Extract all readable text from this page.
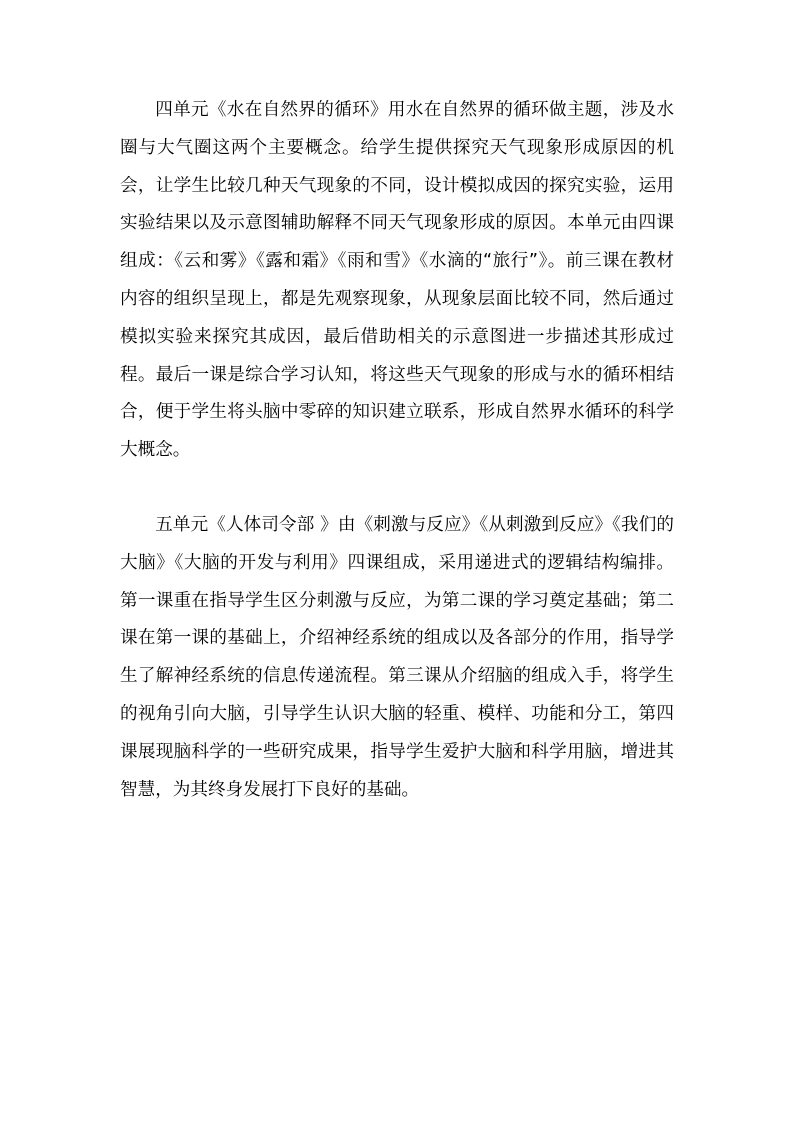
四单元《水在自然界的循环》用水在自然界的循环做主题，涉及水圈与大气圈这两个主要概念。给学生提供探究天气现象形成原因的机会，让学生比较几种天气现象的不同，设计模拟成因的探究实验，运用实验结果以及示意图辅助解释不同天气现象形成的原因。本单元由四课组成：《云和雾》《露和霜》《雨和雪》《水滴的“旅行”》。前三课在教材内容的组织呈现上，都是先观察现象，从现象层面比较不同，然后通过模拟实验来探究其成因，最后借助相关的示意图进一步描述其形成过程。最后一课是综合学习认知，将这些天气现象的形成与水的循环相结合，便于学生将头脑中零碎的知识建立联系，形成自然界水循环的科学大概念。

五单元《人体司令部 》由《刺激与反应》《从刺激到反应》《我们的大脑》《大脑的开发与利用》四课组成，采用递进式的逻辑结构编排。第一课重在指导学生区分刺激与反应，为第二课的学习奠定基础；第二课在第一课的基础上，介绍神经系统的组成以及各部分的作用，指导学生了解神经系统的信息传递流程。第三课从介绍脑的组成入手，将学生的视角引向大脑，引导学生认识大脑的轻重、模样、功能和分工，第四课展现脑科学的一些研究成果，指导学生爱护大脑和科学用脑，增进其智慧，为其终身发展打下良好的基础。
